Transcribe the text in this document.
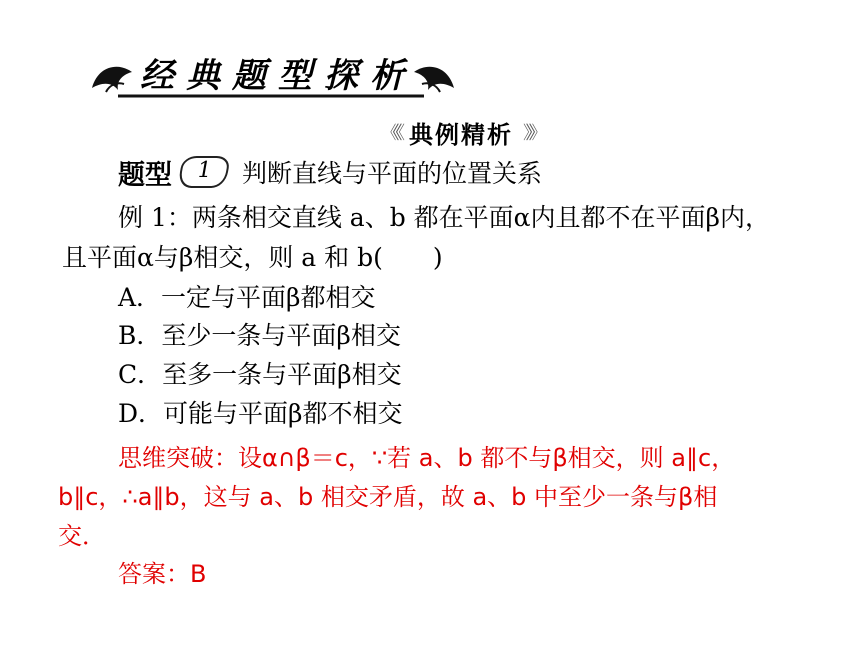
经典题型探析
《《《 典例精析 》》》
题型	1	判断直线与平面的位置关系
例 1：两条相交直线 a、b 都在平面α内且都不在平面β内，
且平面α与β相交，则 a 和 b(　　)
A．一定与平面β都相交
B．至少一条与平面β相交
C．至多一条与平面β相交
D．可能与平面β都不相交
思维突破：设α∩β＝c，∵若 a、b 都不与β相交，则 a∥c，
b∥c，∴a∥b，这与 a、b 相交矛盾，故 a、b 中至少一条与β相
交．
答案：B
